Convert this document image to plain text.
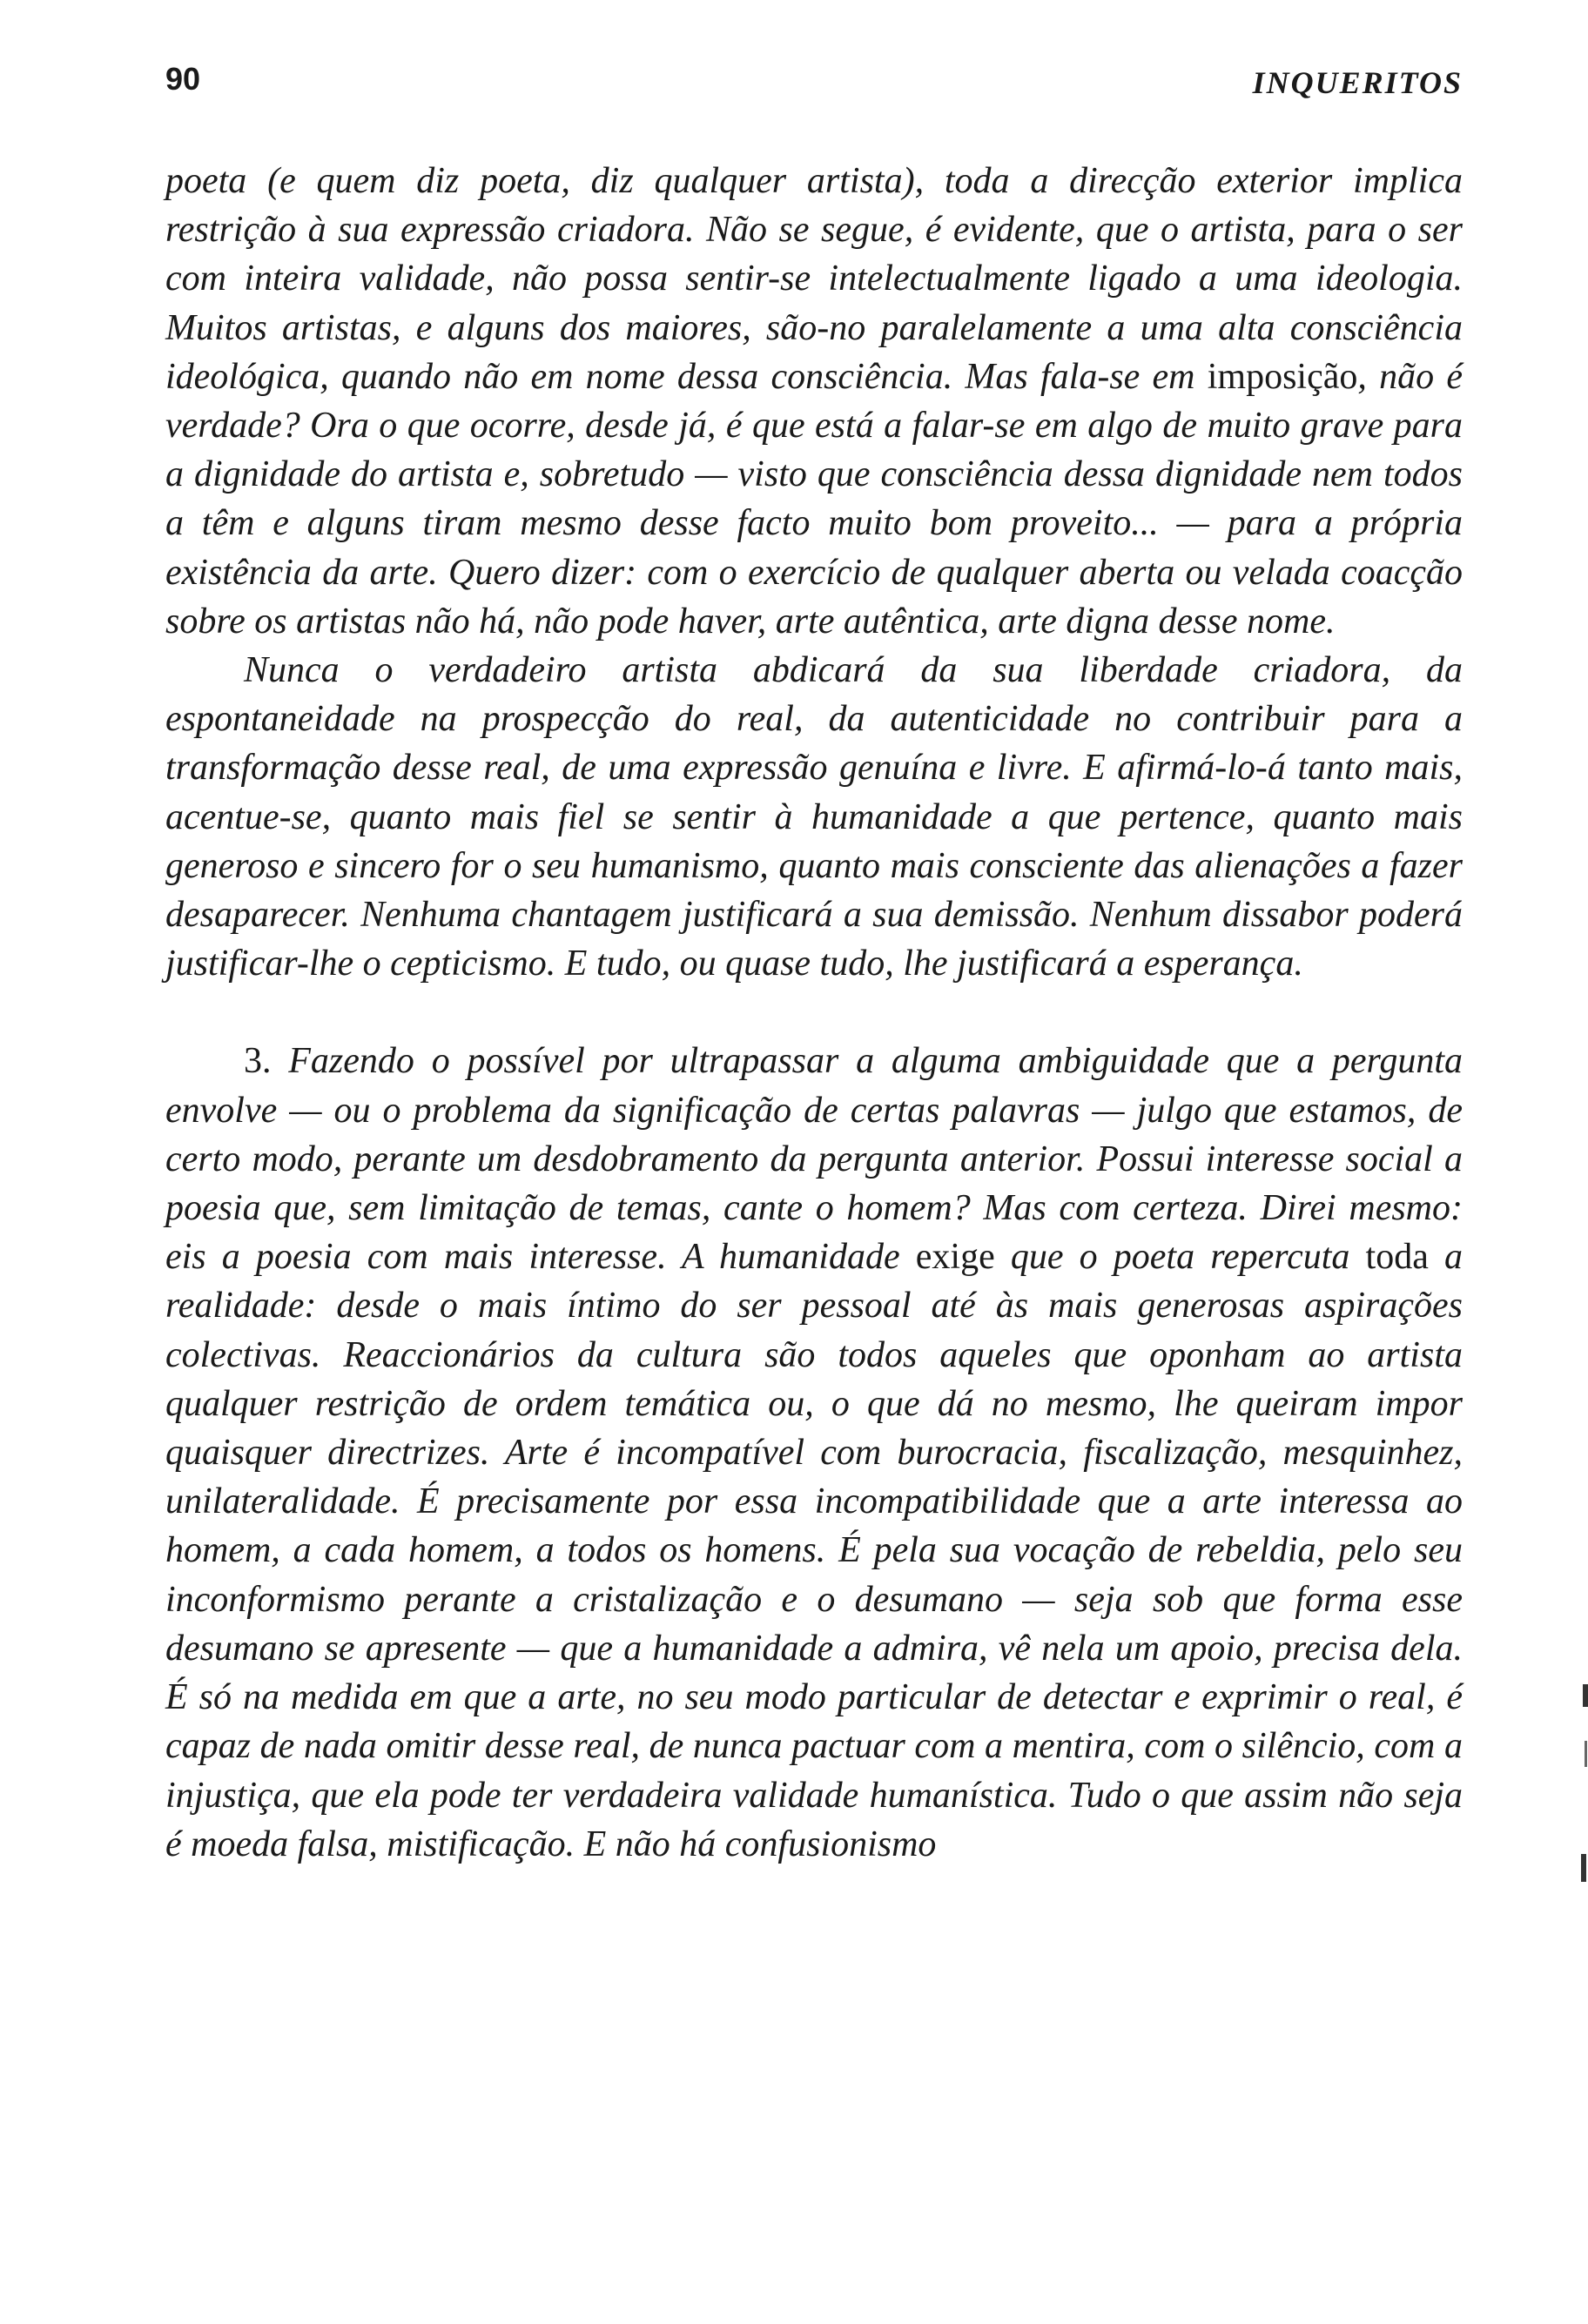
90	INQUERITOS

poeta (e quem diz poeta, diz qualquer artista), toda a direcção exterior implica restrição à sua expressão criadora. Não se segue, é evidente, que o artista, para o ser com inteira validade, não possa sentir-se intelectualmente ligado a uma ideologia. Muitos artistas, e alguns dos maiores, são-no paralelamente a uma alta consciência ideológica, quando não em nome dessa consciência. Mas fala-se em imposição, não é verdade? Ora o que ocorre, desde já, é que está a falar-se em algo de muito grave para a dignidade do artista e, sobretudo — visto que consciência dessa dignidade nem todos a têm e alguns tiram mesmo desse facto muito bom proveito... — para a própria existência da arte. Quero dizer: com o exercício de qualquer aberta ou velada coacção sobre os artistas não há, não pode haver, arte autêntica, arte digna desse nome.

Nunca o verdadeiro artista abdicará da sua liberdade criadora, da espontaneidade na prospecção do real, da autenticidade no contribuir para a transformação desse real, de uma expressão genuína e livre. E afirmá-lo-á tanto mais, acentue-se, quanto mais fiel se sentir à humanidade a que pertence, quanto mais generoso e sincero for o seu humanismo, quanto mais consciente das alienações a fazer desaparecer. Nenhuma chantagem justificará a sua demissão. Nenhum dissabor poderá justificar-lhe o cepticismo. E tudo, ou quase tudo, lhe justificará a esperança.

3. Fazendo o possível por ultrapassar a alguma ambiguidade que a pergunta envolve — ou o problema da significação de certas palavras — julgo que estamos, de certo modo, perante um desdobramento da pergunta anterior. Possui interesse social a poesia que, sem limitação de temas, cante o homem? Mas com certeza. Direi mesmo: eis a poesia com mais interesse. A humanidade exige que o poeta repercuta toda a realidade: desde o mais íntimo do ser pessoal até às mais generosas aspirações colectivas. Reaccionários da cultura são todos aqueles que oponham ao artista qualquer restrição de ordem temática ou, o que dá no mesmo, lhe queiram impor quaisquer directrizes. Arte é incompatível com burocracia, fiscalização, mesquinhez, unilateralidade. É precisamente por essa incompatibilidade que a arte interessa ao homem, a cada homem, a todos os homens. É pela sua vocação de rebeldia, pelo seu inconformismo perante a cristalização e o desumano — seja sob que forma esse desumano se apresente — que a humanidade a admira, vê nela um apoio, precisa dela. É só na medida em que a arte, no seu modo particular de detectar e exprimir o real, é capaz de nada omitir desse real, de nunca pactuar com a mentira, com o silêncio, com a injustiça, que ela pode ter verdadeira validade humanística. Tudo o que assim não seja é moeda falsa, mistificação. E não há confusionismo
